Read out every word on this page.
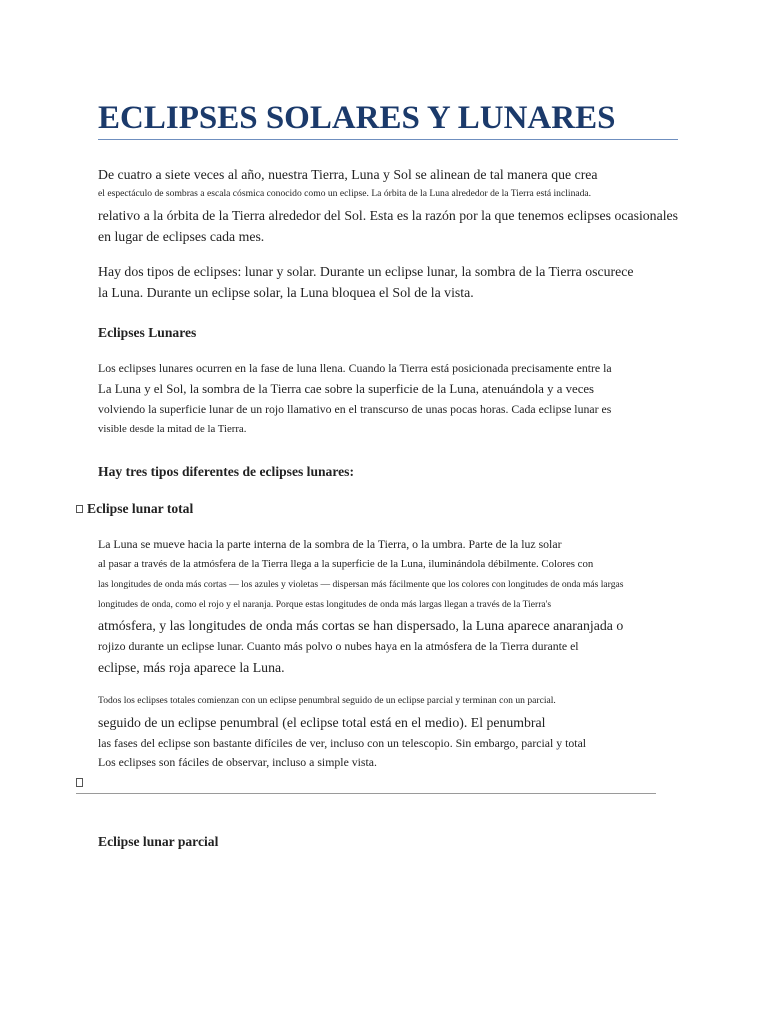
ECLIPSES SOLARES Y LUNARES

De cuatro a siete veces al año, nuestra Tierra, Luna y Sol se alinean de tal manera que crea

el espectáculo de sombras a escala cósmica conocido como un eclipse. La órbita de la Luna alrededor de la Tierra está inclinada.

relativo a la órbita de la Tierra alrededor del Sol. Esta es la razón por la que tenemos eclipses ocasionales

en lugar de eclipses cada mes.

Hay dos tipos de eclipses: lunar y solar. Durante un eclipse lunar, la sombra de la Tierra oscurece

la Luna. Durante un eclipse solar, la Luna bloquea el Sol de la vista.

Eclipses Lunares

Los eclipses lunares ocurren en la fase de luna llena. Cuando la Tierra está posicionada precisamente entre la

La Luna y el Sol, la sombra de la Tierra cae sobre la superficie de la Luna, atenuándola y a veces

volviendo la superficie lunar de un rojo llamativo en el transcurso de unas pocas horas. Cada eclipse lunar es

visible desde la mitad de la Tierra.

Hay tres tipos diferentes de eclipses lunares:
Eclipse lunar total

La Luna se mueve hacia la parte interna de la sombra de la Tierra, o la umbra. Parte de la luz solar

al pasar a través de la atmósfera de la Tierra llega a la superficie de la Luna, iluminándola débilmente. Colores con

las longitudes de onda más cortas — los azules y violetas — dispersan más fácilmente que los colores con longitudes de onda más largas

longitudes de onda, como el rojo y el naranja. Porque estas longitudes de onda más largas llegan a través de la Tierra's

atmósfera, y las longitudes de onda más cortas se han dispersado, la Luna aparece anaranjada o

rojizo durante un eclipse lunar. Cuanto más polvo o nubes haya en la atmósfera de la Tierra durante el

eclipse, más roja aparece la Luna.

Todos los eclipses totales comienzan con un eclipse penumbral seguido de un eclipse parcial y terminan con un parcial.

seguido de un eclipse penumbral (el eclipse total está en el medio). El penumbral

las fases del eclipse son bastante difíciles de ver, incluso con un telescopio. Sin embargo, parcial y total

Los eclipses son fáciles de observar, incluso a simple vista.

Eclipse lunar parcial
